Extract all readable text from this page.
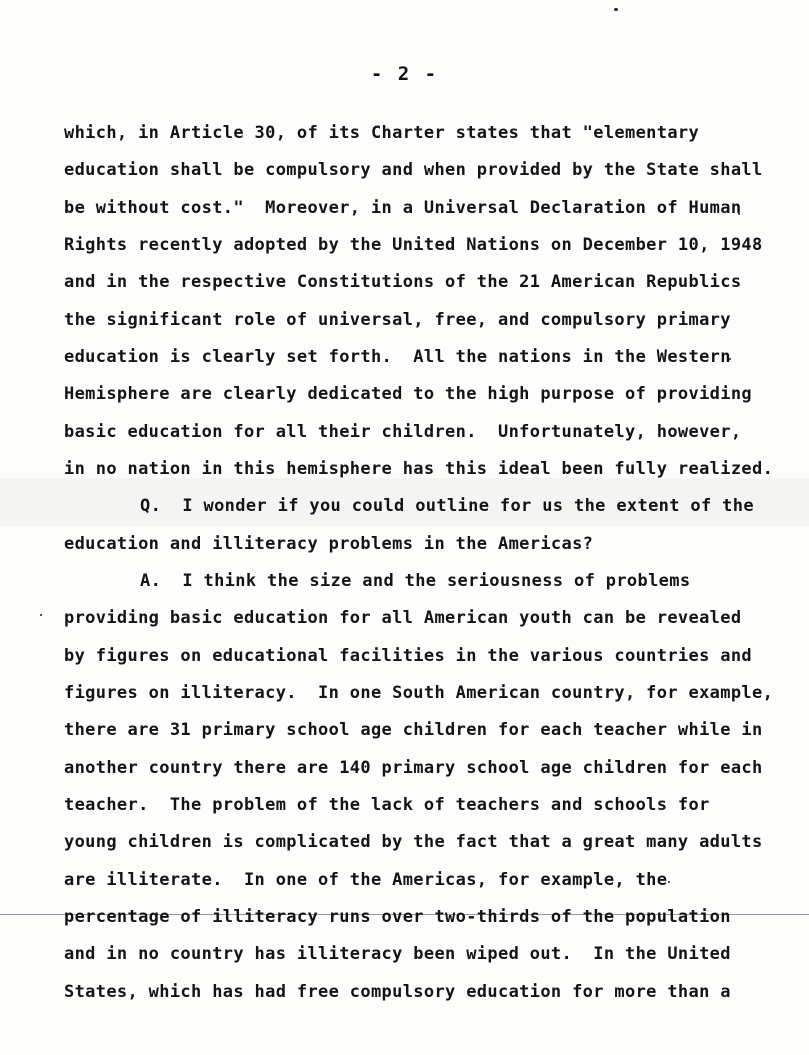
- 2 -
which, in Article 30, of its Charter states that "elementary
education shall be compulsory and when provided by the State shall
be without cost."  Moreover, in a Universal Declaration of Human
Rights recently adopted by the United Nations on December 10, 1948
and in the respective Constitutions of the 21 American Republics
the significant role of universal, free, and compulsory primary
education is clearly set forth.  All the nations in the Western
Hemisphere are clearly dedicated to the high purpose of providing
basic education for all their children.  Unfortunately, however,
in no nation in this hemisphere has this ideal been fully realized.
Q.  I wonder if you could outline for us the extent of the
education and illiteracy problems in the Americas?
A.  I think the size and the seriousness of problems
providing basic education for all American youth can be revealed
by figures on educational facilities in the various countries and
figures on illiteracy.  In one South American country, for example,
there are 31 primary school age children for each teacher while in
another country there are 140 primary school age children for each
teacher.  The problem of the lack of teachers and schools for
young children is complicated by the fact that a great many adults
are illiterate.  In one of the Americas, for example, the
percentage of illiteracy runs over two-thirds of the population
and in no country has illiteracy been wiped out.  In the United
States, which has had free compulsory education for more than a
